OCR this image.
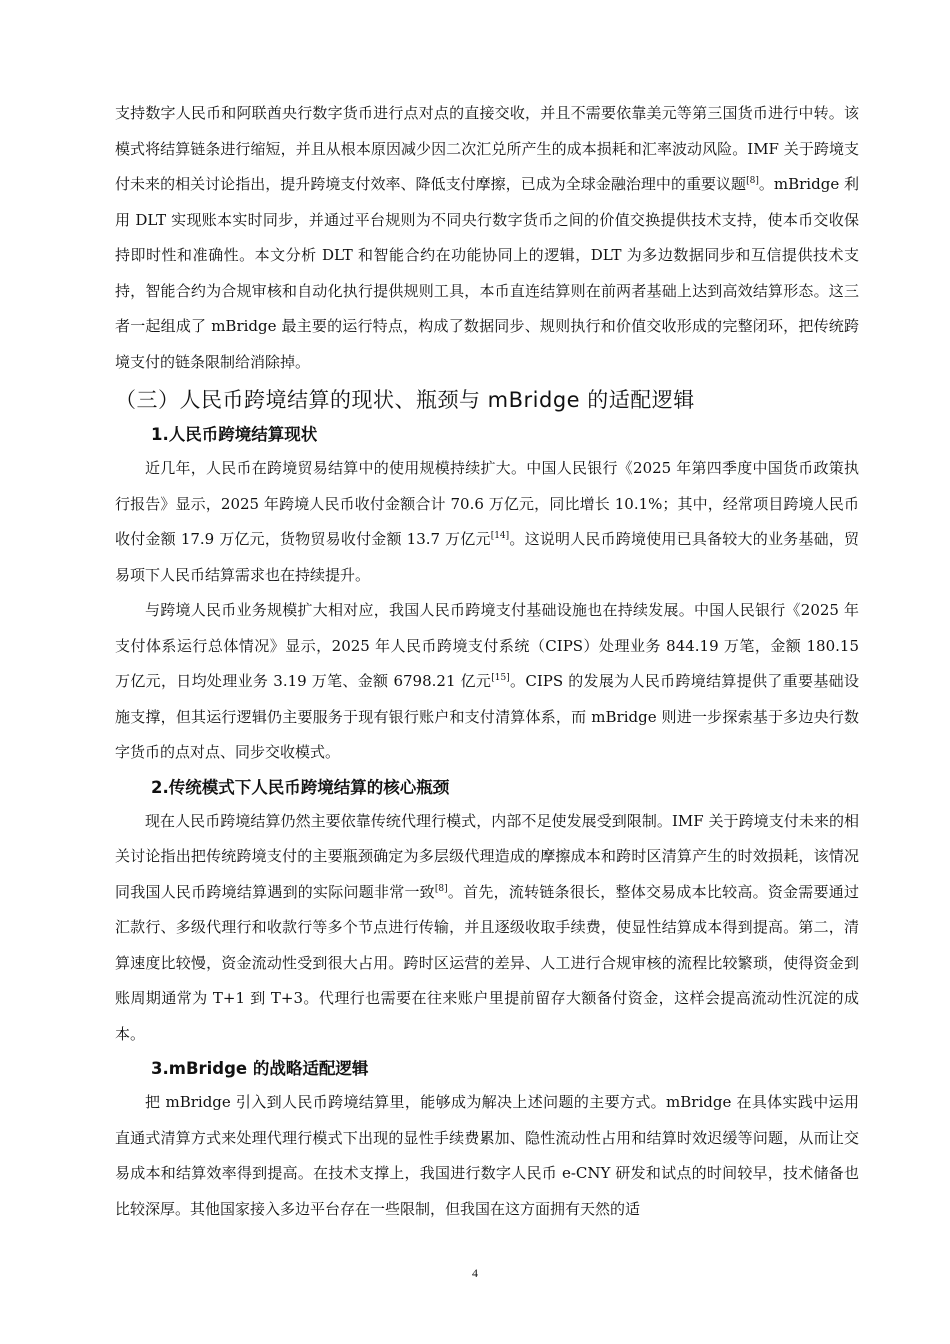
支持数字人民币和阿联酋央行数字货币进行点对点的直接交收，并且不需要依靠美元等第三国货币进行中转。该模式将结算链条进行缩短，并且从根本原因减少因二次汇兑所产生的成本损耗和汇率波动风险。IMF 关于跨境支付未来的相关讨论指出，提升跨境支付效率、降低支付摩擦，已成为全球金融治理中的重要议题[8]。mBridge 利用 DLT 实现账本实时同步，并通过平台规则为不同央行数字货币之间的价值交换提供技术支持，使本币交收保持即时性和准确性。本文分析 DLT 和智能合约在功能协同上的逻辑，DLT 为多边数据同步和互信提供技术支持，智能合约为合规审核和自动化执行提供规则工具，本币直连结算则在前两者基础上达到高效结算形态。这三者一起组成了 mBridge 最主要的运行特点，构成了数据同步、规则执行和价值交收形成的完整闭环，把传统跨境支付的链条限制给消除掉。

（三）人民币跨境结算的现状、瓶颈与 mBridge 的适配逻辑
1.人民币跨境结算现状

近几年，人民币在跨境贸易结算中的使用规模持续扩大。中国人民银行《2025 年第四季度中国货币政策执行报告》显示，2025 年跨境人民币收付金额合计 70.6 万亿元，同比增长 10.1%；其中，经常项目跨境人民币收付金额 17.9 万亿元，货物贸易收付金额 13.7 万亿元[14]。这说明人民币跨境使用已具备较大的业务基础，贸易项下人民币结算需求也在持续提升。

与跨境人民币业务规模扩大相对应，我国人民币跨境支付基础设施也在持续发展。中国人民银行《2025 年支付体系运行总体情况》显示，2025 年人民币跨境支付系统（CIPS）处理业务 844.19 万笔，金额 180.15 万亿元，日均处理业务 3.19 万笔、金额 6798.21 亿元[15]。CIPS 的发展为人民币跨境结算提供了重要基础设施支撑，但其运行逻辑仍主要服务于现有银行账户和支付清算体系，而 mBridge 则进一步探索基于多边央行数字货币的点对点、同步交收模式。

2.传统模式下人民币跨境结算的核心瓶颈

现在人民币跨境结算仍然主要依靠传统代理行模式，内部不足使发展受到限制。IMF 关于跨境支付未来的相关讨论指出把传统跨境支付的主要瓶颈确定为多层级代理造成的摩擦成本和跨时区清算产生的时效损耗，该情况同我国人民币跨境结算遇到的实际问题非常一致[8]。首先，流转链条很长，整体交易成本比较高。资金需要通过汇款行、多级代理行和收款行等多个节点进行传输，并且逐级收取手续费，使显性结算成本得到提高。第二，清算速度比较慢，资金流动性受到很大占用。跨时区运营的差异、人工进行合规审核的流程比较繁琐，使得资金到账周期通常为 T+1 到 T+3。代理行也需要在往来账户里提前留存大额备付资金，这样会提高流动性沉淀的成本。

3.mBridge 的战略适配逻辑

把 mBridge 引入到人民币跨境结算里，能够成为解决上述问题的主要方式。mBridge 在具体实践中运用直通式清算方式来处理代理行模式下出现的显性手续费累加、隐性流动性占用和结算时效迟缓等问题，从而让交易成本和结算效率得到提高。在技术支撑上，我国进行数字人民币 e-CNY 研发和试点的时间较早，技术储备也比较深厚。其他国家接入多边平台存在一些限制，但我国在这方面拥有天然的适

4
